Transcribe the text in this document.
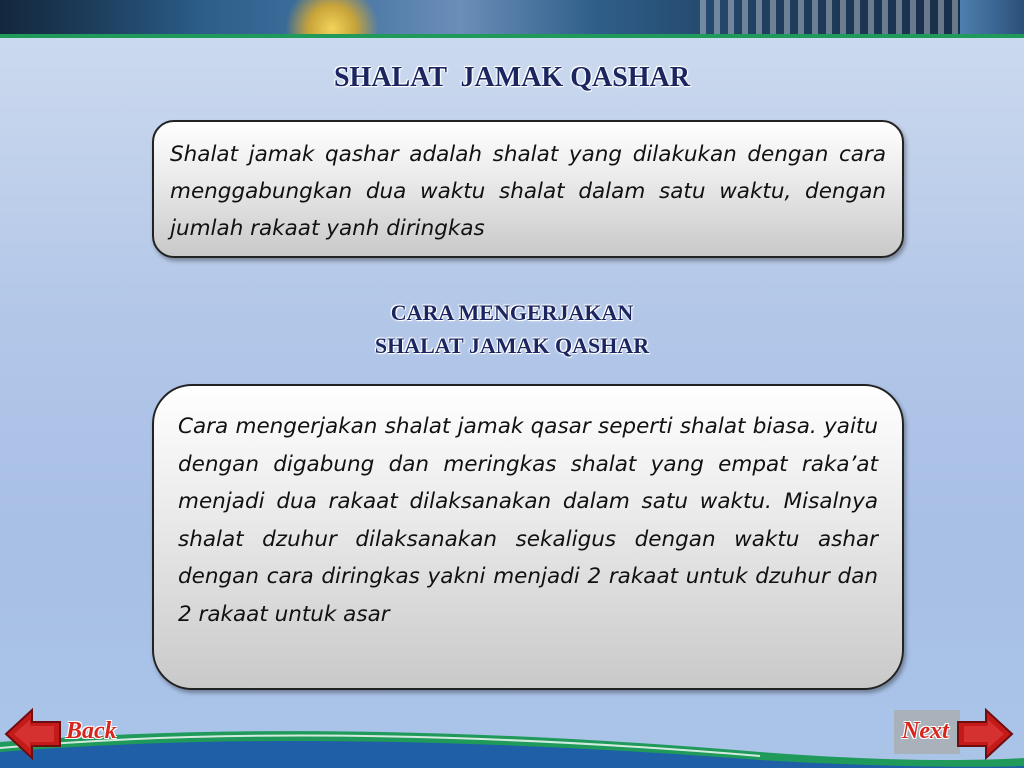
SHALAT  JAMAK QASHAR
Shalat jamak qashar adalah shalat yang dilakukan dengan cara menggabungkan dua waktu shalat dalam satu waktu, dengan jumlah rakaat yanh diringkas
CARA MENGERJAKAN
SHALAT JAMAK QASHAR
Cara mengerjakan shalat jamak qasar seperti shalat biasa. yaitu dengan digabung dan meringkas shalat yang empat raka’at menjadi dua rakaat dilaksanakan dalam satu waktu. Misalnya shalat dzuhur dilaksanakan sekaligus dengan waktu ashar dengan cara diringkas yakni menjadi 2 rakaat untuk dzuhur dan 2 rakaat untuk asar
Back	Next
